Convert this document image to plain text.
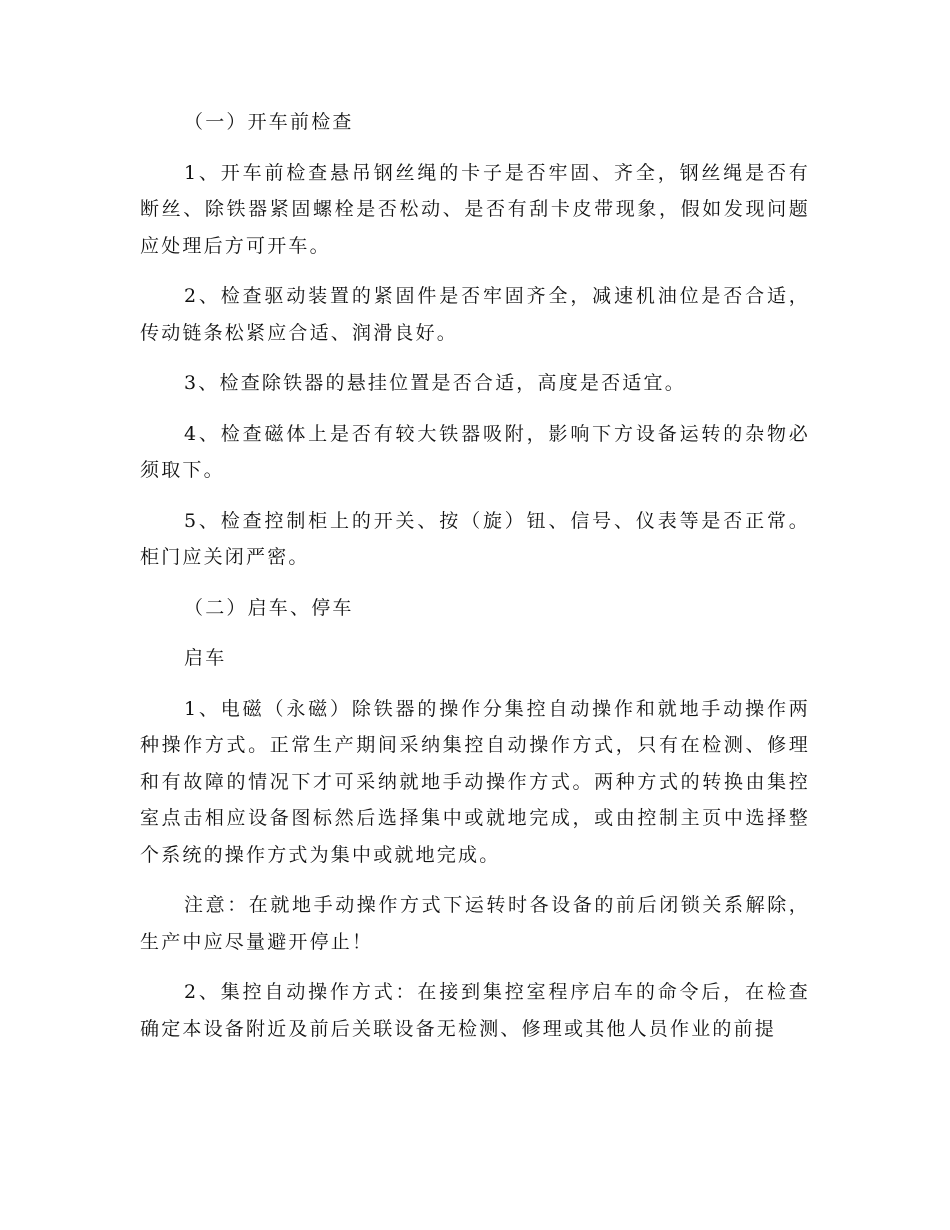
（一）开车前检查

1、开车前检查悬吊钢丝绳的卡子是否牢固、齐全，钢丝绳是否有断丝、除铁器紧固螺栓是否松动、是否有刮卡皮带现象，假如发现问题应处理后方可开车。

2、检查驱动装置的紧固件是否牢固齐全，减速机油位是否合适，传动链条松紧应合适、润滑良好。

3、检查除铁器的悬挂位置是否合适，高度是否适宜。

4、检查磁体上是否有较大铁器吸附，影响下方设备运转的杂物必须取下。

5、检查控制柜上的开关、按（旋）钮、信号、仪表等是否正常。柜门应关闭严密。

（二）启车、停车

启车

1、电磁（永磁）除铁器的操作分集控自动操作和就地手动操作两种操作方式。正常生产期间采纳集控自动操作方式，只有在检测、修理和有故障的情况下才可采纳就地手动操作方式。两种方式的转换由集控室点击相应设备图标然后选择集中或就地完成，或由控制主页中选择整个系统的操作方式为集中或就地完成。

注意：在就地手动操作方式下运转时各设备的前后闭锁关系解除，生产中应尽量避开停止！

2、集控自动操作方式：在接到集控室程序启车的命令后，在检查确定本设备附近及前后关联设备无检测、修理或其他人员作业的前提
